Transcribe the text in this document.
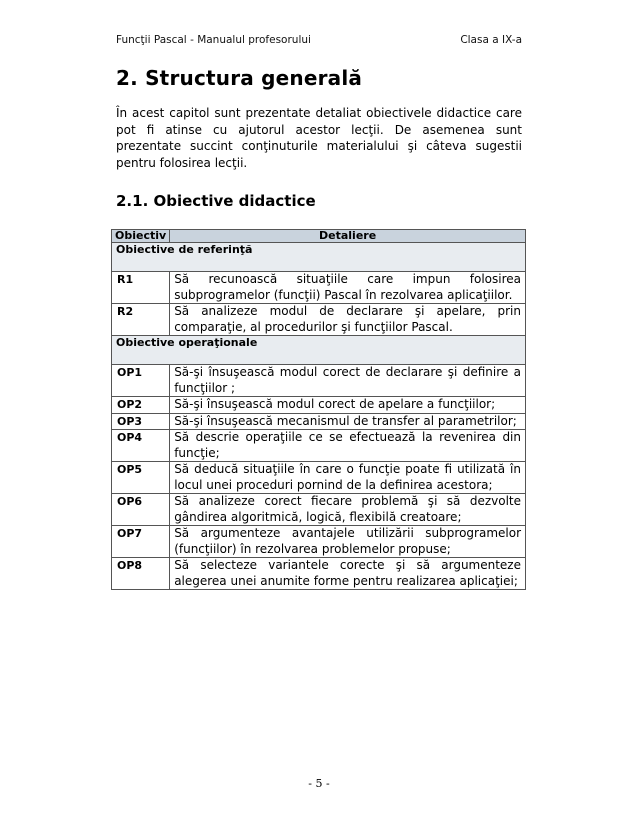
Funcţii Pascal - Manualul profesorului	Clasa a IX-a
2. Structura generală

În acest capitol sunt prezentate detaliat obiectivele didactice care pot fi atinse cu ajutorul acestor lecţii. De asemenea sunt prezentate succint conţinuturile materialului şi câteva sugestii pentru folosirea lecţii.

2.1. Obiective didactice
Obiectiv	Detaliere
Obiective de referinţă	
R1	Să recunoască situaţiile care impun folosirea subprogramelor (funcţii) Pascal în rezolvarea aplicaţiilor.
R2	Să analizeze modul de declarare şi apelare, prin comparaţie, al procedurilor şi funcţiilor Pascal.
Obiective operaţionale	
OP1	Să-şi însuşească modul corect de declarare şi definire a funcţiilor ;
OP2	Să-şi însuşească modul corect de apelare a funcţiilor;
OP3	Să-şi însuşească mecanismul de transfer al parametrilor;
OP4	Să descrie operaţiile ce se efectuează la revenirea din funcţie;
OP5	Să deducă situaţiile în care o funcţie poate fi utilizată în locul unei proceduri pornind de la definirea acestora;
OP6	Să analizeze corect fiecare problemă şi să dezvolte gândirea algoritmică, logică, flexibilă creatoare;
OP7	Să argumenteze avantajele utilizării subprogramelor (funcţiilor) în rezolvarea problemelor propuse;
OP8	Să selecteze variantele corecte şi să argumenteze alegerea unei anumite forme pentru realizarea aplicaţiei;
- 5 -
